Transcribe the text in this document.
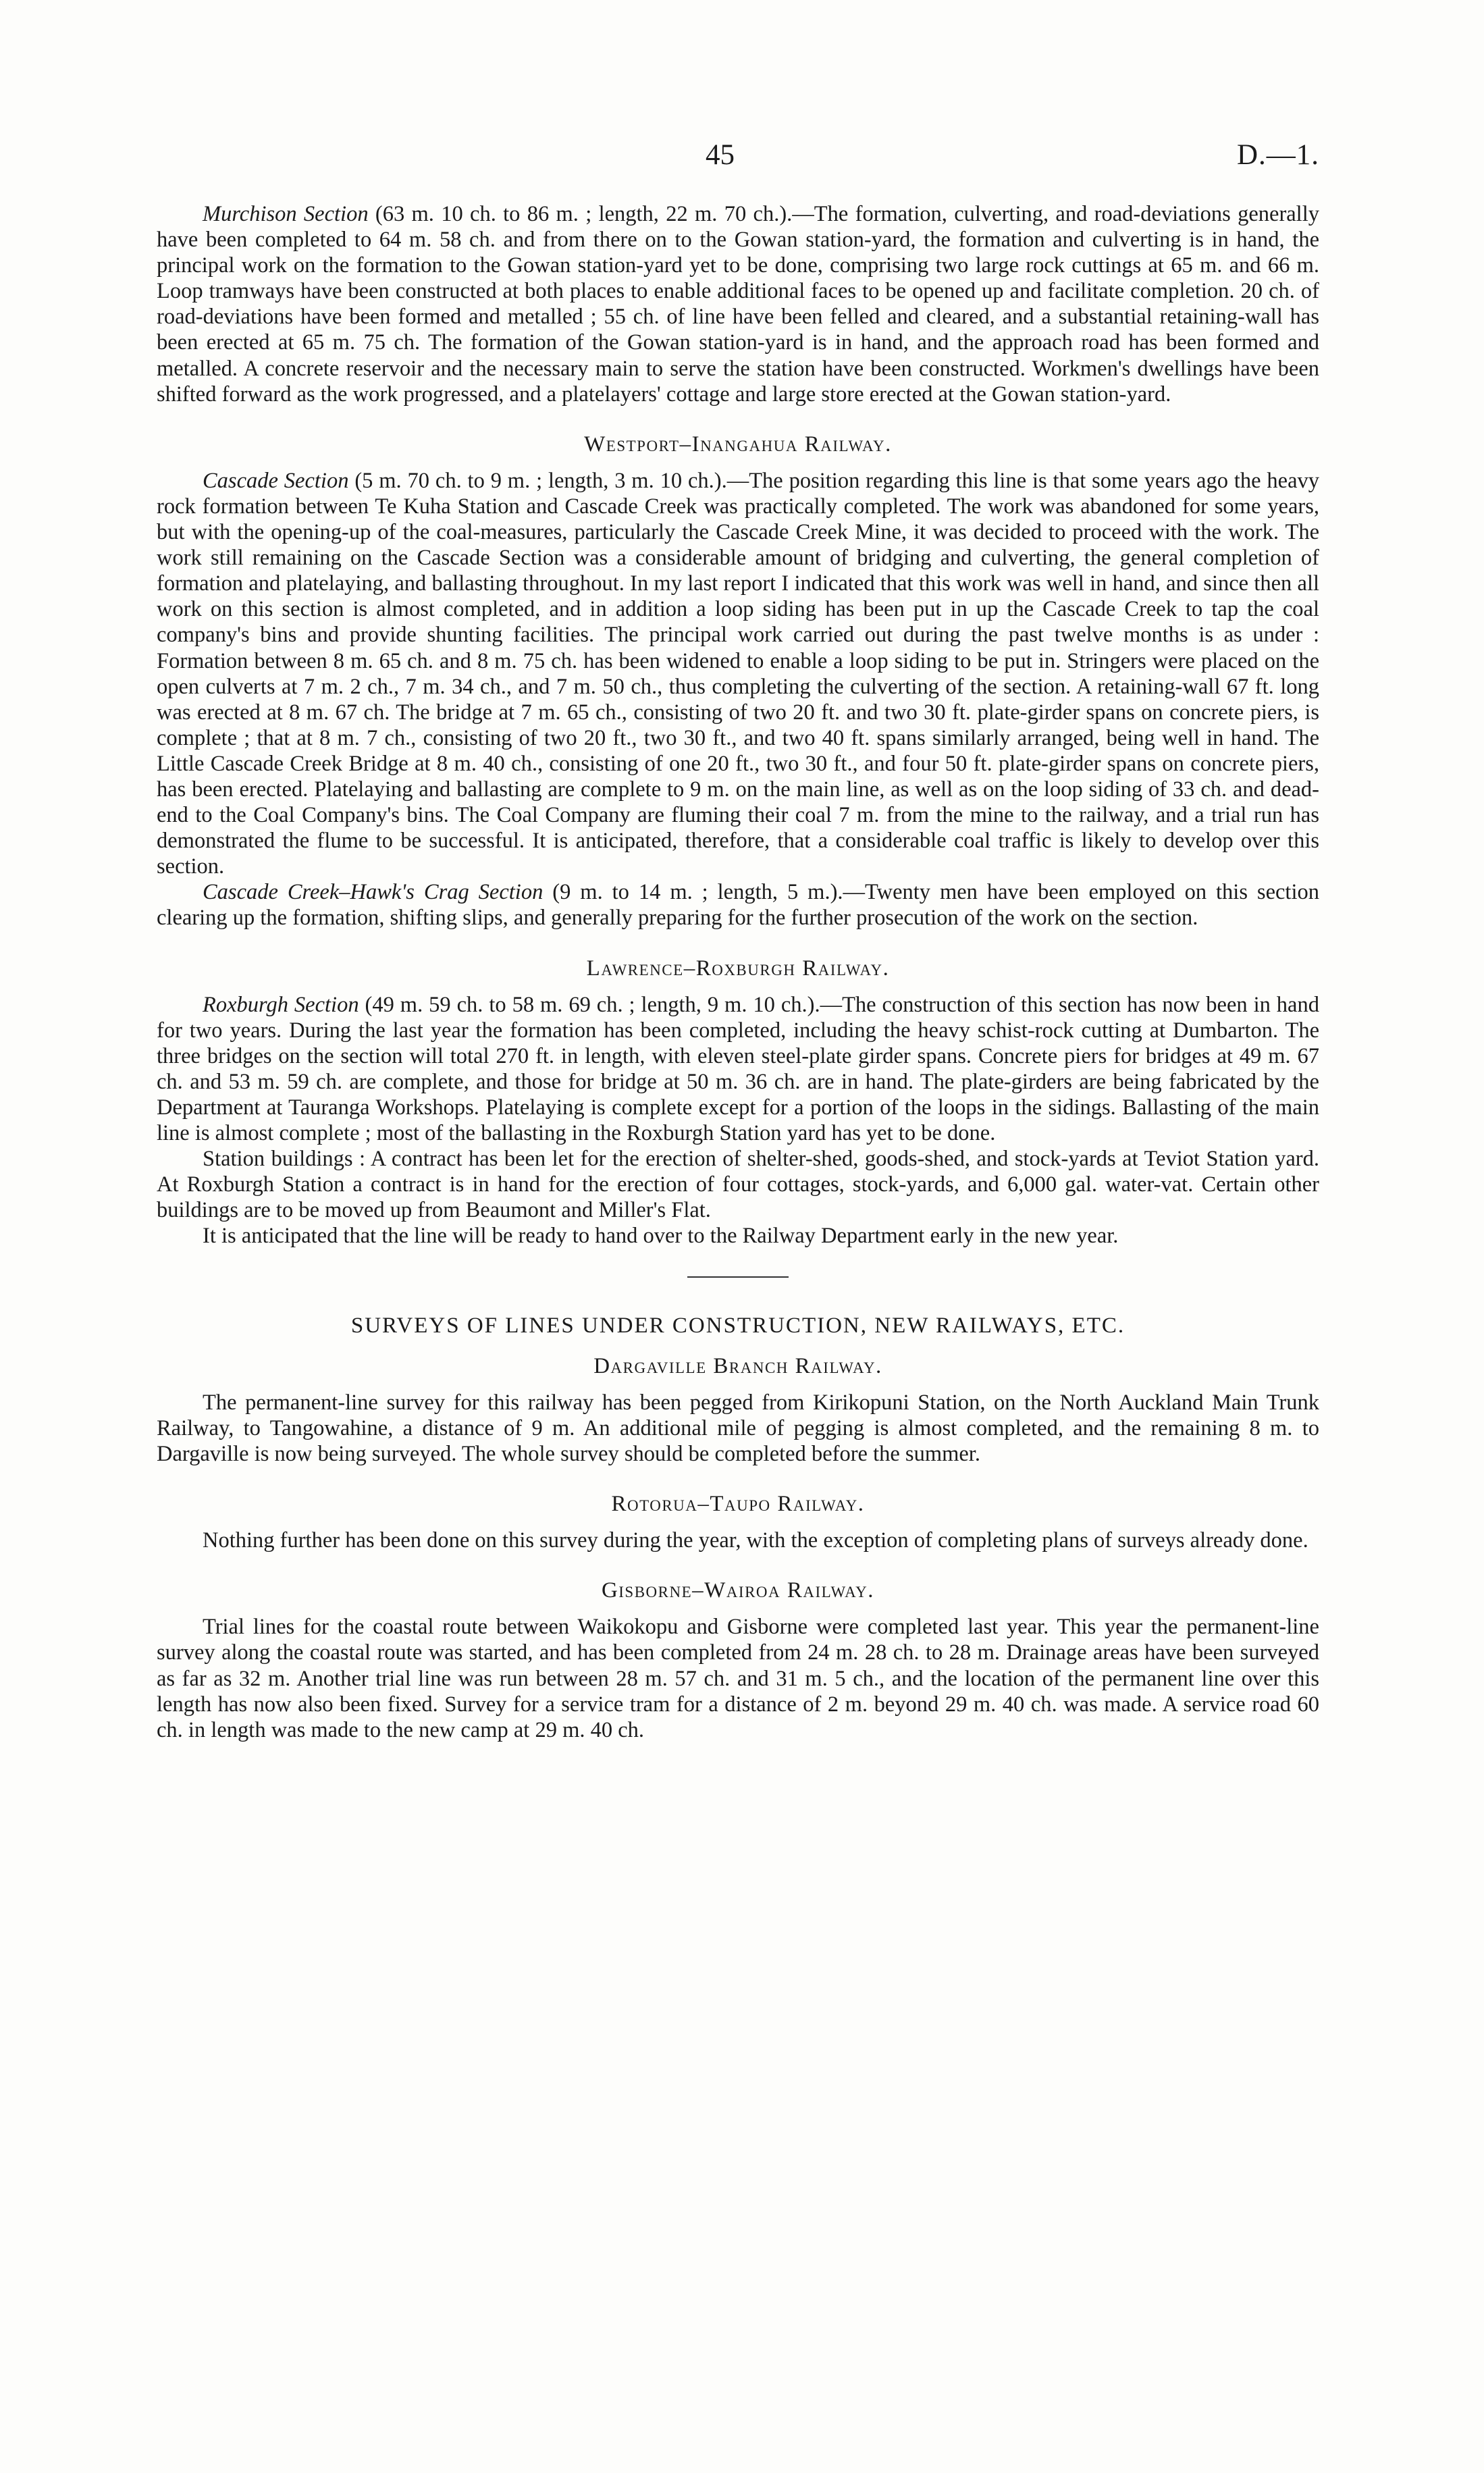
45	D.—1.

Murchison Section (63 m. 10 ch. to 86 m. ; length, 22 m. 70 ch.).—The formation, culverting, and road-deviations generally have been completed to 64 m. 58 ch. and from there on to the Gowan station-yard, the formation and culverting is in hand, the principal work on the formation to the Gowan station-yard yet to be done, comprising two large rock cuttings at 65 m. and 66 m. Loop tramways have been constructed at both places to enable additional faces to be opened up and facilitate completion. 20 ch. of road-deviations have been formed and metalled ; 55 ch. of line have been felled and cleared, and a substantial retaining-wall has been erected at 65 m. 75 ch. The formation of the Gowan station-yard is in hand, and the approach road has been formed and metalled. A concrete reservoir and the necessary main to serve the station have been constructed. Workmen's dwellings have been shifted forward as the work progressed, and a platelayers' cottage and large store erected at the Gowan station-yard.

Westport–Inangahua Railway.

Cascade Section (5 m. 70 ch. to 9 m. ; length, 3 m. 10 ch.).—The position regarding this line is that some years ago the heavy rock formation between Te Kuha Station and Cascade Creek was practically completed. The work was abandoned for some years, but with the opening-up of the coal-measures, particularly the Cascade Creek Mine, it was decided to proceed with the work. The work still remaining on the Cascade Section was a considerable amount of bridging and culverting, the general completion of formation and platelaying, and ballasting throughout. In my last report I indicated that this work was well in hand, and since then all work on this section is almost completed, and in addition a loop siding has been put in up the Cascade Creek to tap the coal company's bins and provide shunting facilities. The principal work carried out during the past twelve months is as under : Formation between 8 m. 65 ch. and 8 m. 75 ch. has been widened to enable a loop siding to be put in. Stringers were placed on the open culverts at 7 m. 2 ch., 7 m. 34 ch., and 7 m. 50 ch., thus completing the culverting of the section. A retaining-wall 67 ft. long was erected at 8 m. 67 ch. The bridge at 7 m. 65 ch., consisting of two 20 ft. and two 30 ft. plate-girder spans on concrete piers, is complete ; that at 8 m. 7 ch., consisting of two 20 ft., two 30 ft., and two 40 ft. spans similarly arranged, being well in hand. The Little Cascade Creek Bridge at 8 m. 40 ch., consisting of one 20 ft., two 30 ft., and four 50 ft. plate-girder spans on concrete piers, has been erected. Platelaying and ballasting are complete to 9 m. on the main line, as well as on the loop siding of 33 ch. and dead-end to the Coal Company's bins. The Coal Company are fluming their coal 7 m. from the mine to the railway, and a trial run has demonstrated the flume to be successful. It is anticipated, therefore, that a considerable coal traffic is likely to develop over this section.

Cascade Creek–Hawk's Crag Section (9 m. to 14 m. ; length, 5 m.).—Twenty men have been employed on this section clearing up the formation, shifting slips, and generally preparing for the further prosecution of the work on the section.

Lawrence–Roxburgh Railway.

Roxburgh Section (49 m. 59 ch. to 58 m. 69 ch. ; length, 9 m. 10 ch.).—The construction of this section has now been in hand for two years. During the last year the formation has been completed, including the heavy schist-rock cutting at Dumbarton. The three bridges on the section will total 270 ft. in length, with eleven steel-plate girder spans. Concrete piers for bridges at 49 m. 67 ch. and 53 m. 59 ch. are complete, and those for bridge at 50 m. 36 ch. are in hand. The plate-girders are being fabricated by the Department at Tauranga Workshops. Platelaying is complete except for a portion of the loops in the sidings. Ballasting of the main line is almost complete ; most of the ballasting in the Roxburgh Station yard has yet to be done.

Station buildings : A contract has been let for the erection of shelter-shed, goods-shed, and stock-yards at Teviot Station yard. At Roxburgh Station a contract is in hand for the erection of four cottages, stock-yards, and 6,000 gal. water-vat. Certain other buildings are to be moved up from Beaumont and Miller's Flat.

It is anticipated that the line will be ready to hand over to the Railway Department early in the new year.

SURVEYS OF LINES UNDER CONSTRUCTION, NEW RAILWAYS, ETC.
Dargaville Branch Railway.

The permanent-line survey for this railway has been pegged from Kirikopuni Station, on the North Auckland Main Trunk Railway, to Tangowahine, a distance of 9 m. An additional mile of pegging is almost completed, and the remaining 8 m. to Dargaville is now being surveyed. The whole survey should be completed before the summer.

Rotorua–Taupo Railway.

Nothing further has been done on this survey during the year, with the exception of completing plans of surveys already done.

Gisborne–Wairoa Railway.

Trial lines for the coastal route between Waikokopu and Gisborne were completed last year. This year the permanent-line survey along the coastal route was started, and has been completed from 24 m. 28 ch. to 28 m. Drainage areas have been surveyed as far as 32 m. Another trial line was run between 28 m. 57 ch. and 31 m. 5 ch., and the location of the permanent line over this length has now also been fixed. Survey for a service tram for a distance of 2 m. beyond 29 m. 40 ch. was made. A service road 60 ch. in length was made to the new camp at 29 m. 40 ch.
